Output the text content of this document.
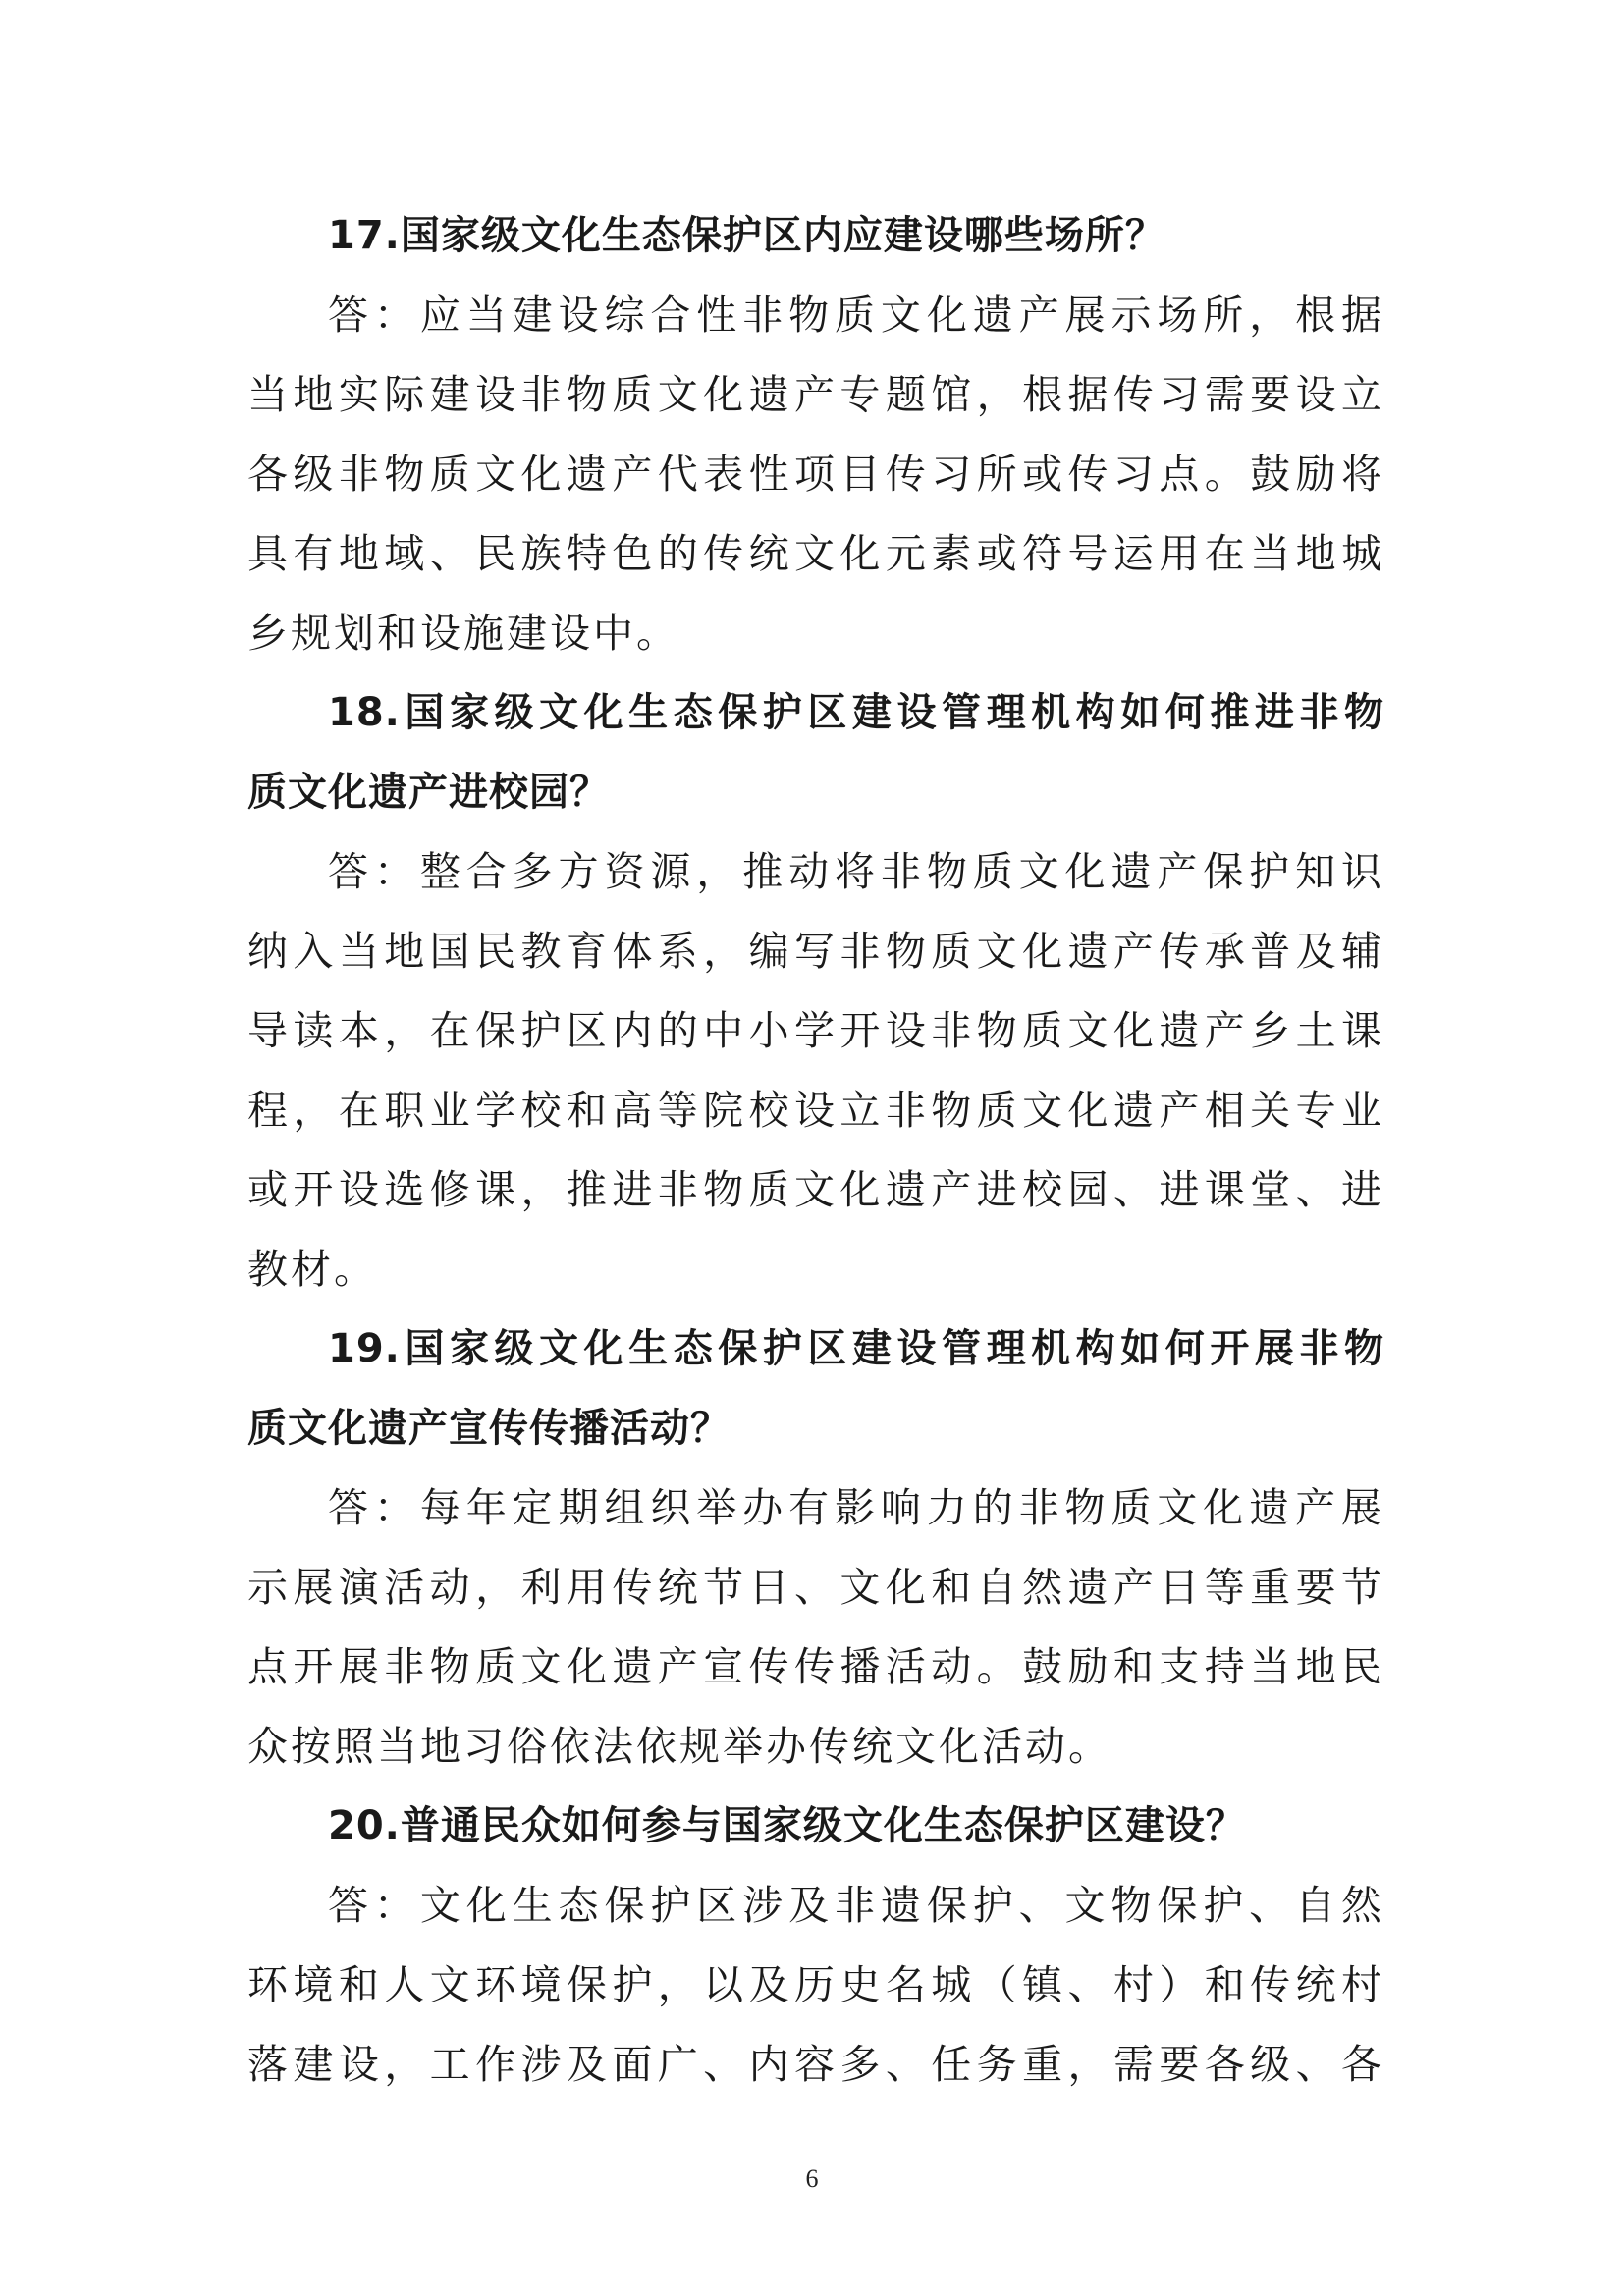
17.国家级文化生态保护区内应建设哪些场所？
答：应当建设综合性非物质文化遗产展示场所，根据
当地实际建设非物质文化遗产专题馆，根据传习需要设立
各级非物质文化遗产代表性项目传习所或传习点。鼓励将
具有地域、民族特色的传统文化元素或符号运用在当地城
乡规划和设施建设中。
18.国家级文化生态保护区建设管理机构如何推进非物
质文化遗产进校园？
答：整合多方资源，推动将非物质文化遗产保护知识
纳入当地国民教育体系，编写非物质文化遗产传承普及辅
导读本，在保护区内的中小学开设非物质文化遗产乡土课
程，在职业学校和高等院校设立非物质文化遗产相关专业
或开设选修课，推进非物质文化遗产进校园、进课堂、进
教材。
19.国家级文化生态保护区建设管理机构如何开展非物
质文化遗产宣传传播活动？
答：每年定期组织举办有影响力的非物质文化遗产展
示展演活动，利用传统节日、文化和自然遗产日等重要节
点开展非物质文化遗产宣传传播活动。鼓励和支持当地民
众按照当地习俗依法依规举办传统文化活动。
20.普通民众如何参与国家级文化生态保护区建设？
答：文化生态保护区涉及非遗保护、文物保护、自然
环境和人文环境保护，以及历史名城（镇、村）和传统村
落建设，工作涉及面广、内容多、任务重，需要各级、各
6
